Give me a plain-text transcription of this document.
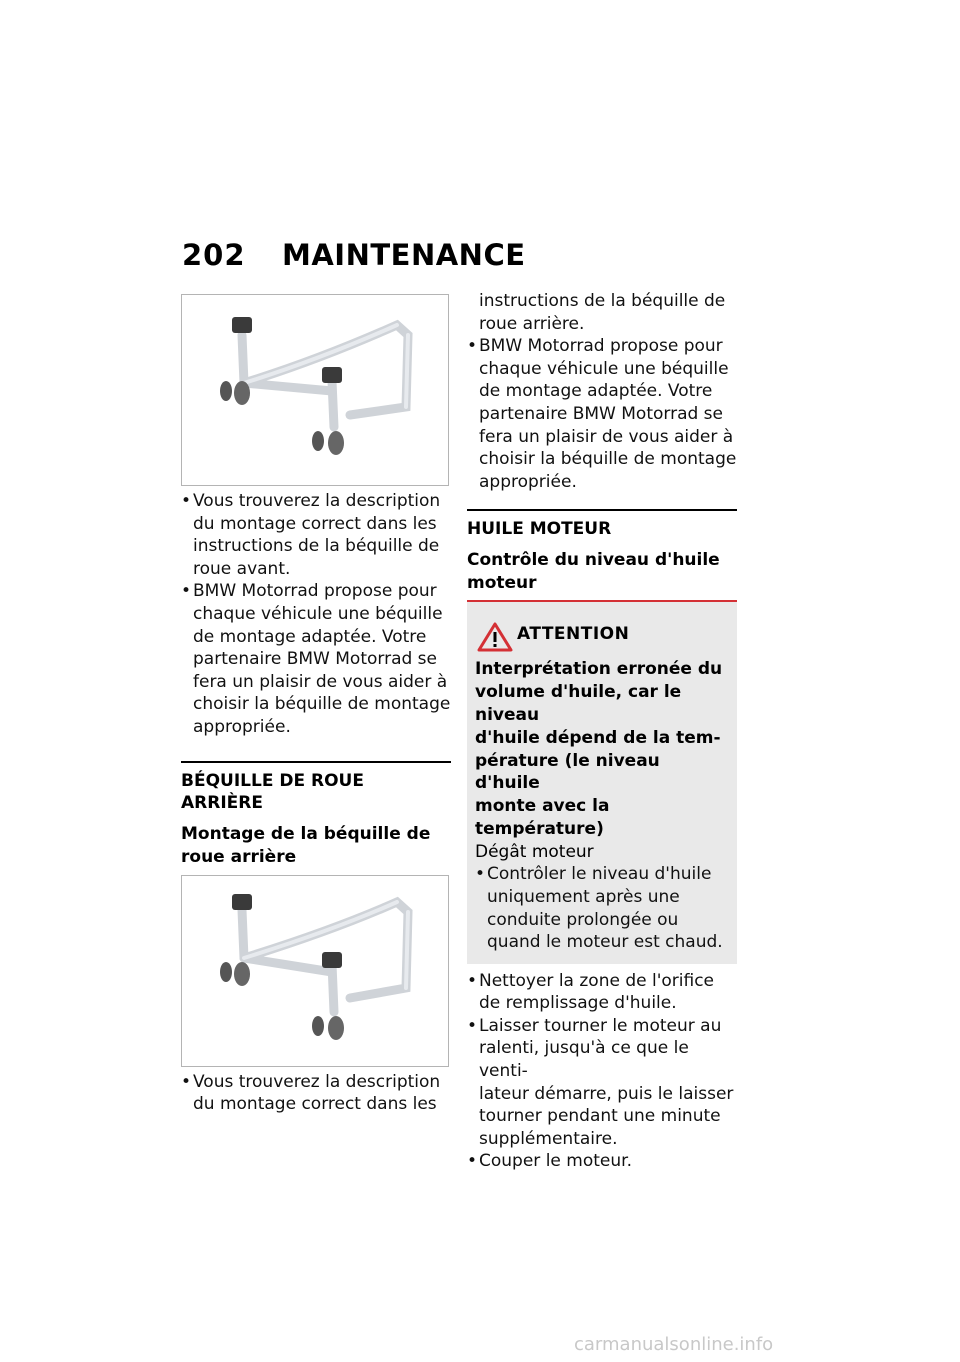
202 MAINTENANCE
• Vous trouverez la description
du montage correct dans les
instructions de la béquille de
roue avant.
• BMW Motorrad propose pour
chaque véhicule une béquille
de montage adaptée. Votre
partenaire BMW Motorrad se
fera un plaisir de vous aider à
choisir la béquille de montage
appropriée.
BÉQUILLE DE ROUE ARRIÈRE
Montage de la béquille de
roue arrière
• Vous trouverez la description
du montage correct dans les
instructions de la béquille de
roue arrière.
• BMW Motorrad propose pour
chaque véhicule une béquille
de montage adaptée. Votre
partenaire BMW Motorrad se
fera un plaisir de vous aider à
choisir la béquille de montage
appropriée.
HUILE MOTEUR
Contrôle du niveau d'huile
moteur
ATTENTION

Interprétation erronée du
volume d'huile, car le niveau
d'huile dépend de la tem-
pérature (le niveau d'huile
monte avec la température)

Dégât moteur

• Contrôler le niveau d'huile
uniquement après une
conduite prolongée ou
quand le moteur est chaud.
• Nettoyer la zone de l'orifice
de remplissage d'huile.
• Laisser tourner le moteur au
ralenti, jusqu'à ce que le venti-
lateur démarre, puis le laisser
tourner pendant une minute
supplémentaire.
• Couper le moteur.
carmanualsonline.info
